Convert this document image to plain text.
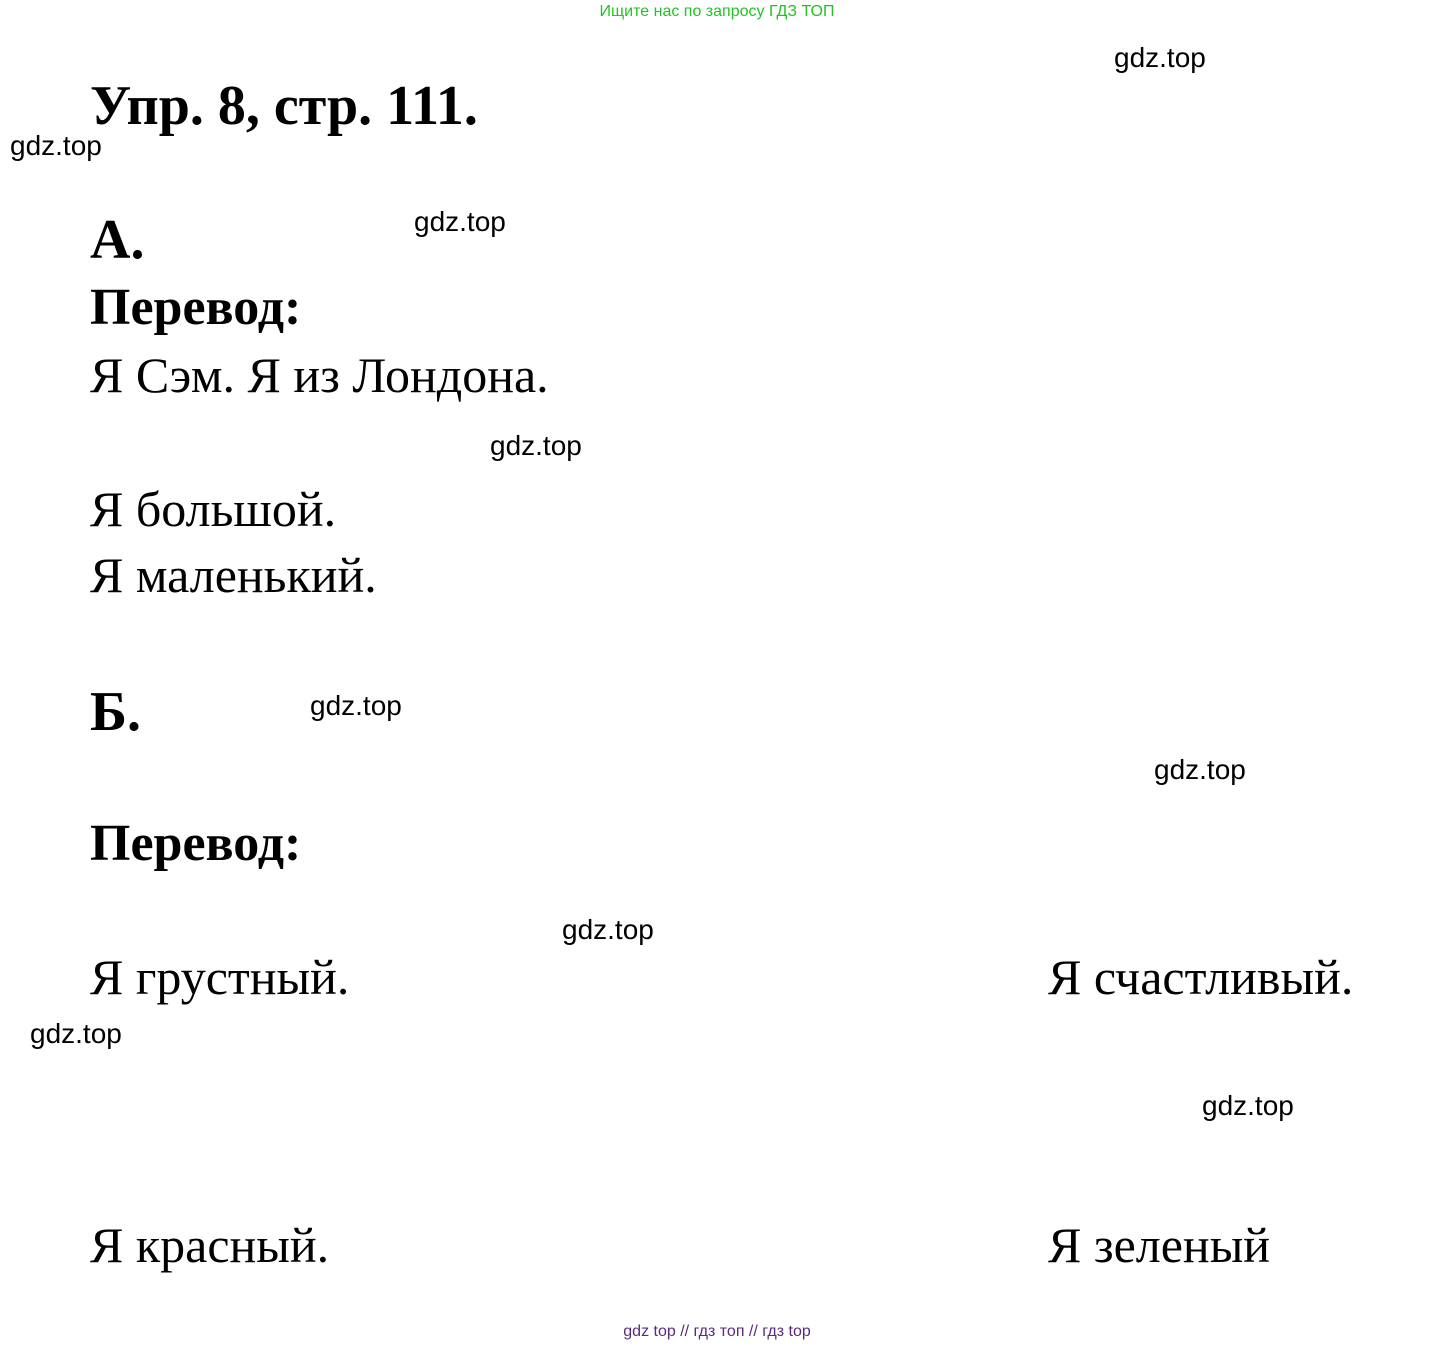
Ищите нас по запросу ГДЗ ТОП
Упр. 8, стр. 111.
А.
Перевод:
Я Сэм. Я из Лондона.
Я большой.
Я маленький.
Б.
Перевод:
Я грустный.	Я счастливый.
Я красный.	Я зеленый
gdz.top
gdz.top
gdz.top
gdz.top
gdz.top
gdz.top
gdz.top
gdz.top
gdz.top
gdz top // гдз топ // гдз top
